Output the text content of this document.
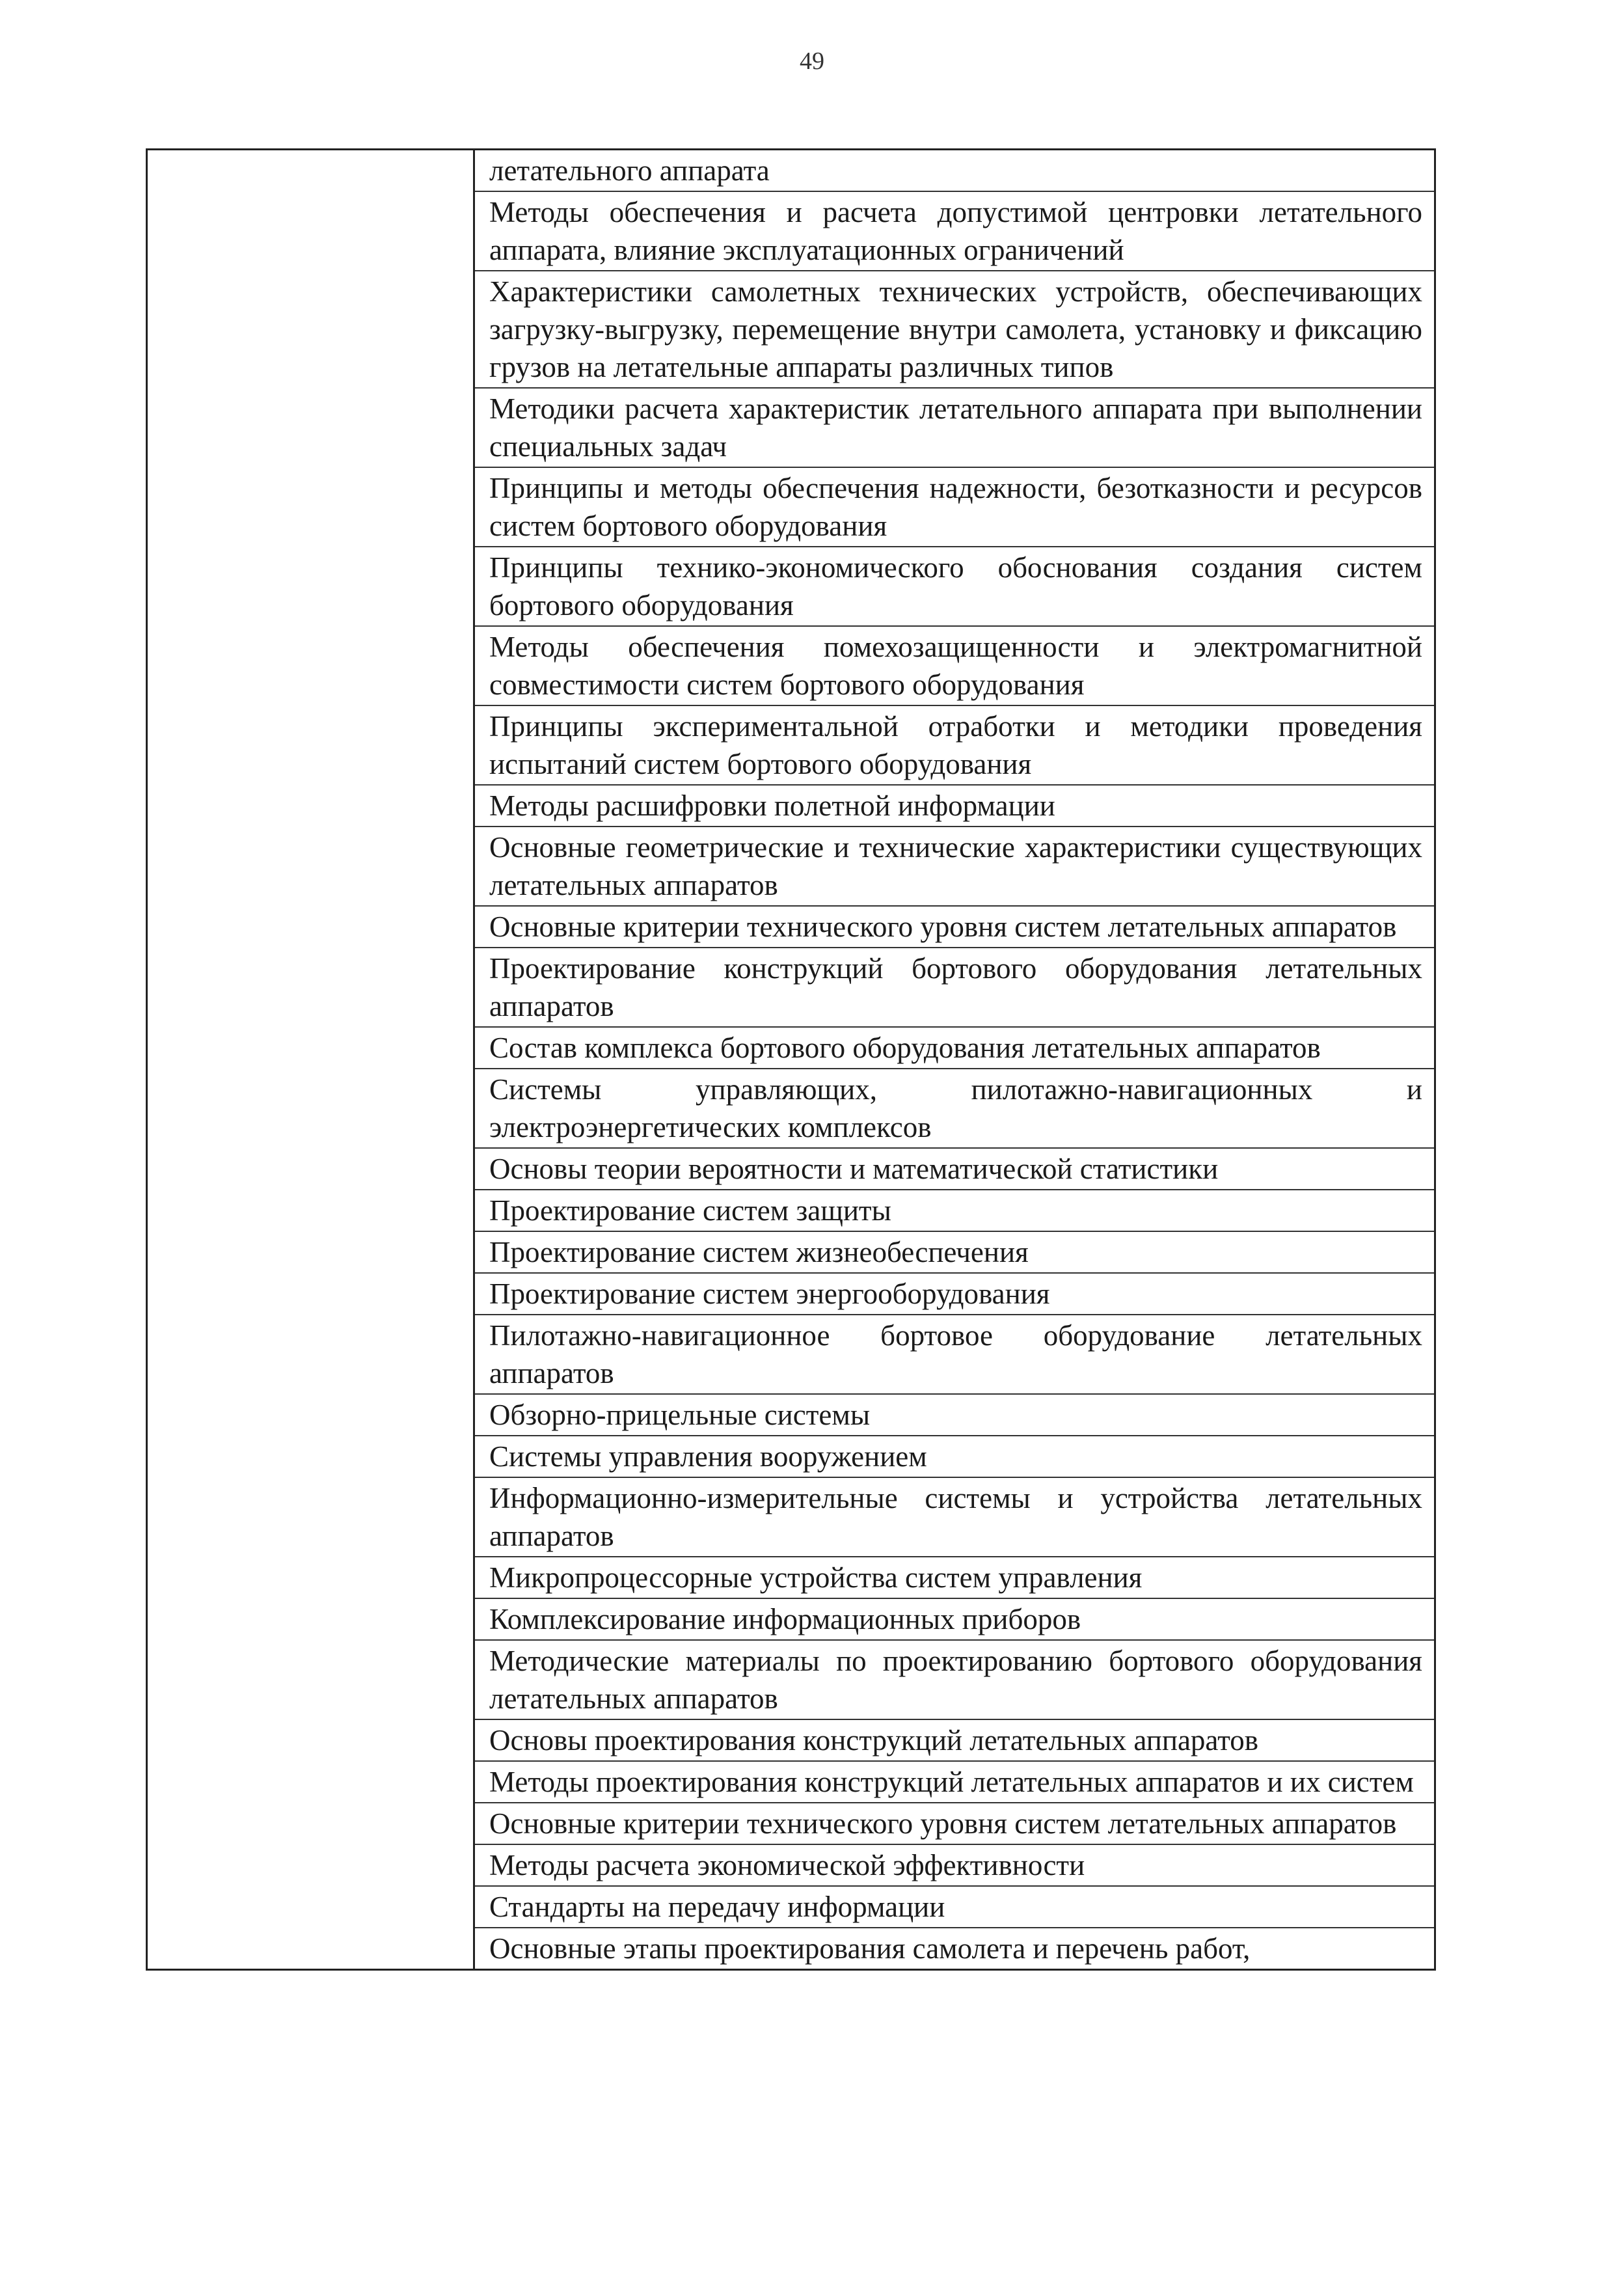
49

летательного аппарата
Методы обеспечения и расчета допустимой центровки летательного аппарата, влияние эксплуатационных ограничений
Характеристики самолетных технических устройств, обеспечивающих загрузку-выгрузку, перемещение внутри самолета, установку и фиксацию грузов на летательные аппараты различных типов
Методики расчета характеристик летательного аппарата при выполнении специальных задач
Принципы и методы обеспечения надежности, безотказности и ресурсов систем бортового оборудования
Принципы технико-экономического обоснования создания систем бортового оборудования
Методы обеспечения помехозащищенности и электромагнитной совместимости систем бортового оборудования
Принципы экспериментальной отработки и методики проведения испытаний систем бортового оборудования
Методы расшифровки полетной информации
Основные геометрические и технические характеристики существующих летательных аппаратов
Основные критерии технического уровня систем летательных аппаратов
Проектирование конструкций бортового оборудования летательных аппаратов
Состав комплекса бортового оборудования летательных аппаратов
Системы управляющих, пилотажно-навигационных и электроэнергетических комплексов
Основы теории вероятности и математической статистики
Проектирование систем защиты
Проектирование систем жизнеобеспечения
Проектирование систем энергооборудования
Пилотажно-навигационное бортовое оборудование летательных аппаратов
Обзорно-прицельные системы
Системы управления вооружением
Информационно-измерительные системы и устройства летательных аппаратов
Микропроцессорные устройства систем управления
Комплексирование информационных приборов
Методические материалы по проектированию бортового оборудования летательных аппаратов
Основы проектирования конструкций летательных аппаратов
Методы проектирования конструкций летательных аппаратов и их систем
Основные критерии технического уровня систем летательных аппаратов
Методы расчета экономической эффективности
Стандарты на передачу информации
Основные этапы проектирования самолета и перечень работ,
